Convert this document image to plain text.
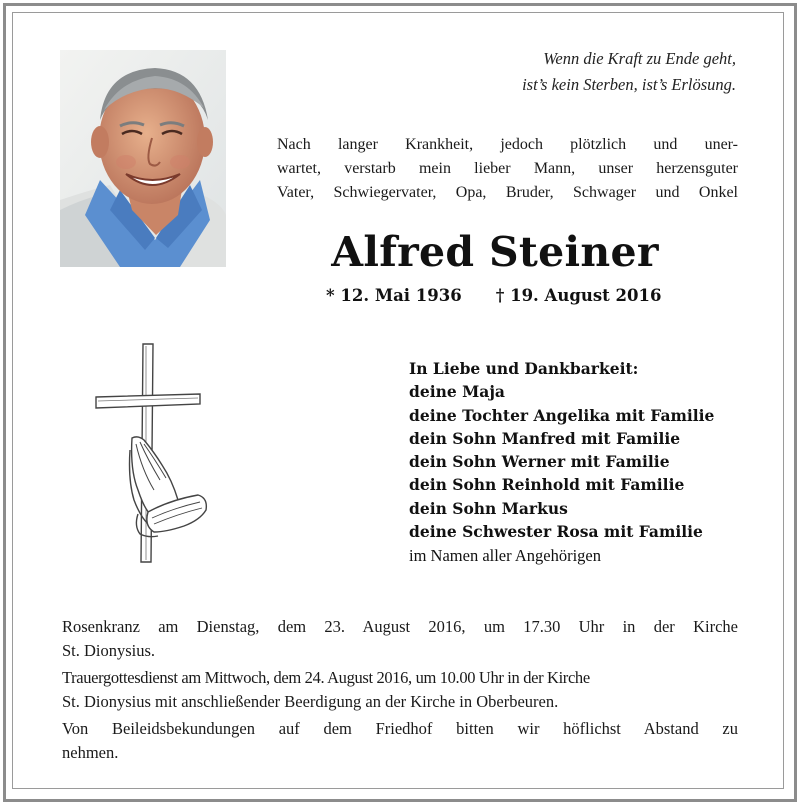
Wenn die Kraft zu Ende geht,
ist’s kein Sterben, ist’s Erlösung.
Nach langer Krankheit, jedoch plötzlich und uner-
wartet, verstarb mein lieber Mann, unser herzensguter
Vater, Schwiegervater, Opa, Bruder, Schwager und Onkel
Alfred Steiner
* 12. Mai 1936 † 19. August 2016
In Liebe und Dankbarkeit:
deine Maja
deine Tochter Angelika mit Familie
dein Sohn Manfred mit Familie
dein Sohn Werner mit Familie
dein Sohn Reinhold mit Familie
dein Sohn Markus
deine Schwester Rosa mit Familie
im Namen aller Angehörigen

Rosenkranz am Dienstag, dem 23. August 2016, um 17.30 Uhr in der Kirche
St. Dionysius.

Trauergottesdienst am Mittwoch, dem 24. August 2016, um 10.00 Uhr in der Kirche
St. Dionysius mit anschließender Beerdigung an der Kirche in Oberbeuren.

Von Beileidsbekundungen auf dem Friedhof bitten wir höflichst Abstand zu
nehmen.
